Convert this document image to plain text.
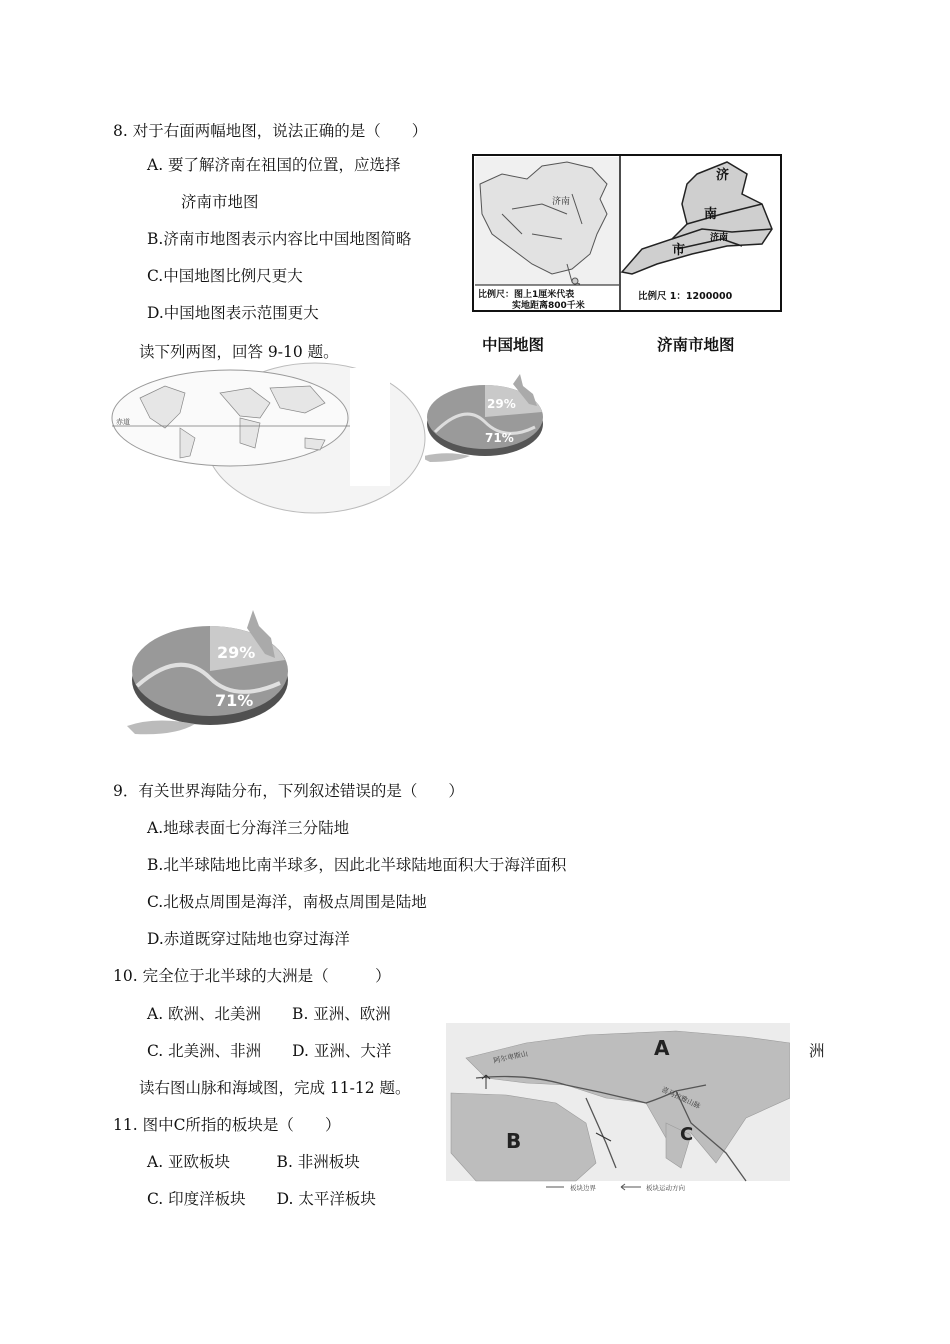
8. 对于右面两幅地图，说法正确的是（　　）
A. 要了解济南在祖国的位置，应选择
济南市地图
B.济南市地图表示内容比中国地图简略
C.中国地图比例尺更大
D.中国地图表示范围更大
济南
比例尺：图上1厘米代表
实地距离800千米
济
南
市
济南
比例尺 1：1200000
中国地图	济南市地图
读下列两图，回答 9-10 题。
赤道
29%
71%
29%
71%
9．有关世界海陆分布，下列叙述错误的是（　　）
A.地球表面七分海洋三分陆地
B.北半球陆地比南半球多，因此北半球陆地面积大于海洋面积
C.北极点周围是海洋，南极点周围是陆地
D.赤道既穿过陆地也穿过海洋
10. 完全位于北半球的大洲是（　　　）
A. 欧洲、北美洲　　B. 亚洲、欧洲
C. 北美洲、非洲　　D. 亚洲、大洋	洲
读右图山脉和海域图，完成 11-12 题。
11. 图中C所指的板块是（　　）
A. 亚欧板块　　　B. 非洲板块
C. 印度洋板块　　D. 太平洋板块
A
B	C
阿尔卑斯山
喜马拉雅山脉
板块边界	板块运动方向
